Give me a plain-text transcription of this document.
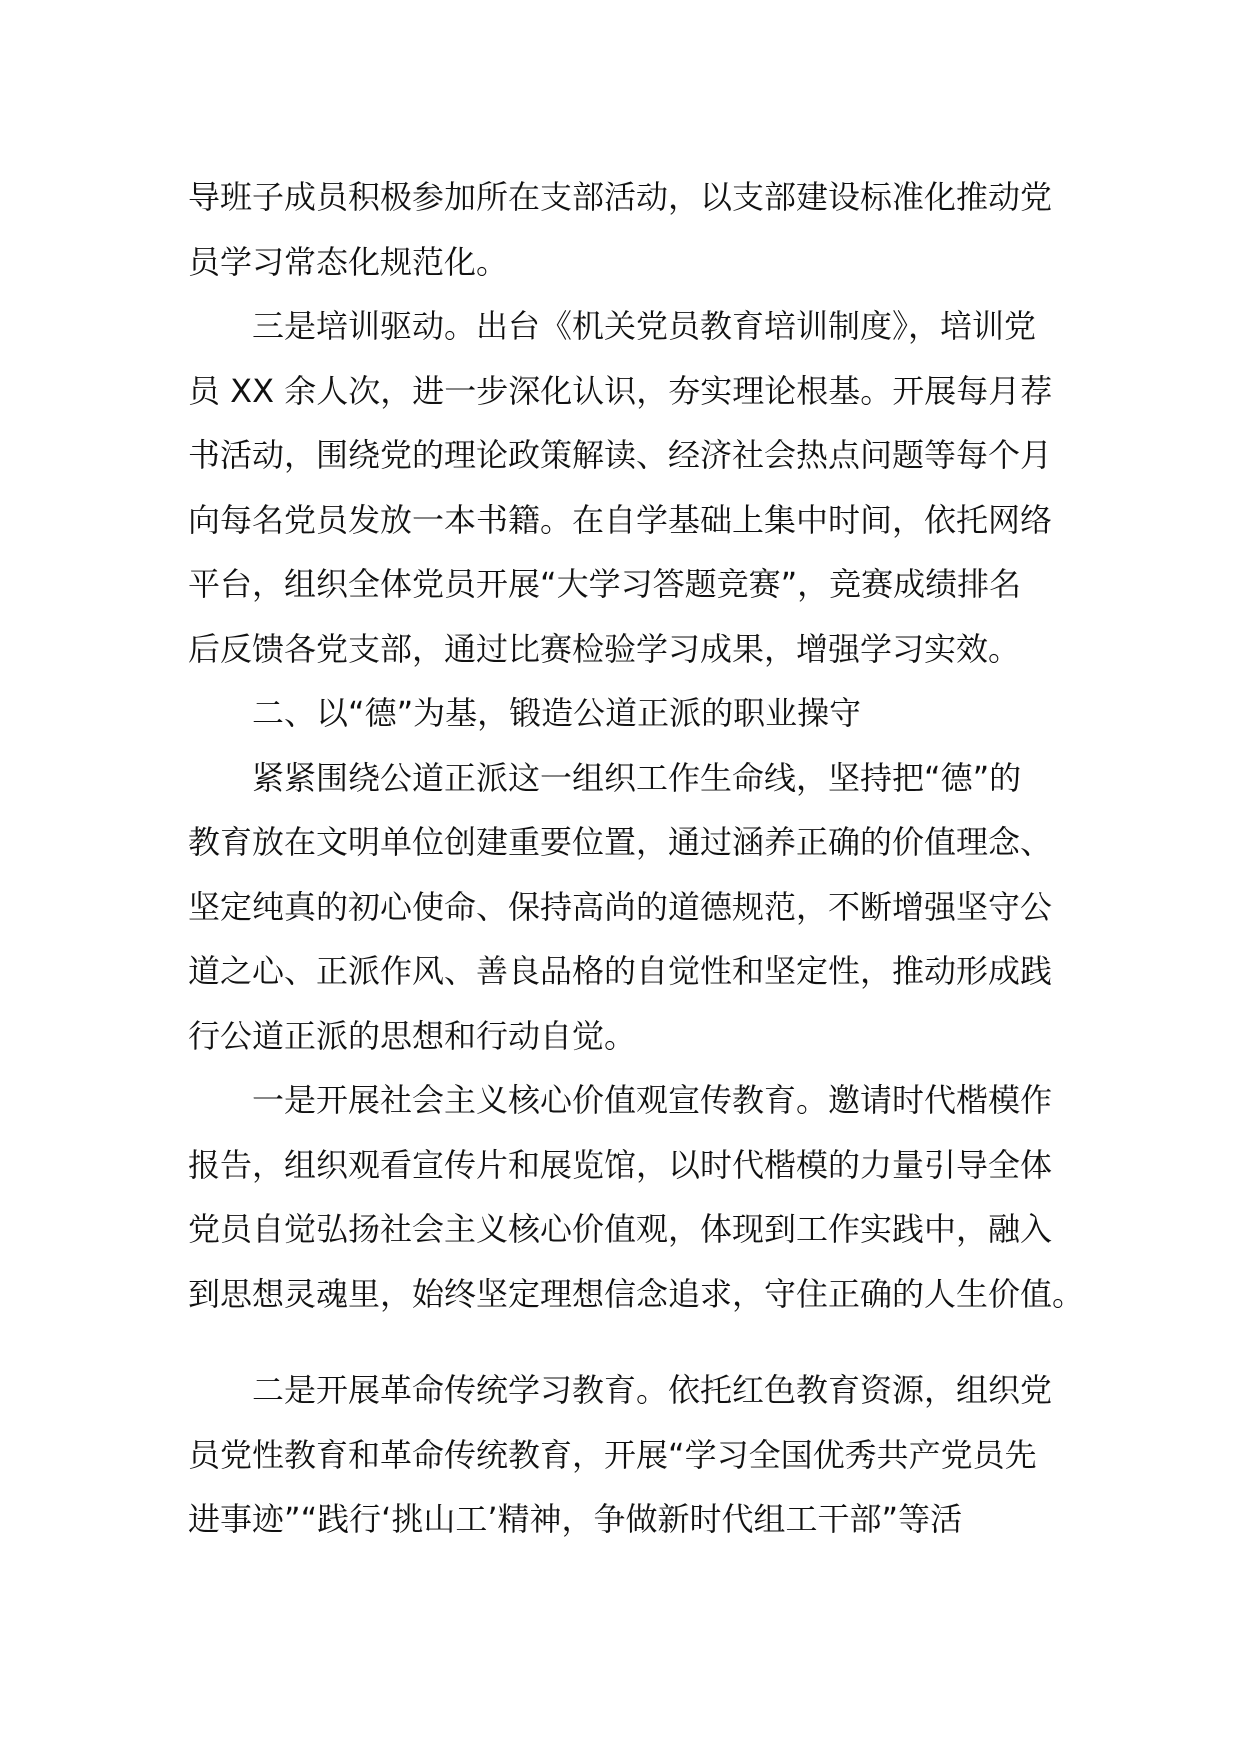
导班子成员积极参加所在支部活动，以支部建设标准化推动党
员学习常态化规范化。
三是培训驱动。出台《机关党员教育培训制度》，培训党
员 XX 余人次，进一步深化认识，夯实理论根基。开展每月荐
书活动，围绕党的理论政策解读、经济社会热点问题等每个月
向每名党员发放一本书籍。在自学基础上集中时间，依托网络
平台，组织全体党员开展“大学习答题竞赛”，竞赛成绩排名
后反馈各党支部，通过比赛检验学习成果，增强学习实效。
二、以“德”为基，锻造公道正派的职业操守
紧紧围绕公道正派这一组织工作生命线，坚持把“德”的
教育放在文明单位创建重要位置，通过涵养正确的价值理念、
坚定纯真的初心使命、保持高尚的道德规范，不断增强坚守公
道之心、正派作风、善良品格的自觉性和坚定性，推动形成践
行公道正派的思想和行动自觉。
一是开展社会主义核心价值观宣传教育。邀请时代楷模作
报告，组织观看宣传片和展览馆，以时代楷模的力量引导全体
党员自觉弘扬社会主义核心价值观，体现到工作实践中，融入
到思想灵魂里，始终坚定理想信念追求，守住正确的人生价值。
二是开展革命传统学习教育。依托红色教育资源，组织党
员党性教育和革命传统教育，开展“学习全国优秀共产党员先
进事迹”“践行‘挑山工’精神，争做新时代组工干部”等活
